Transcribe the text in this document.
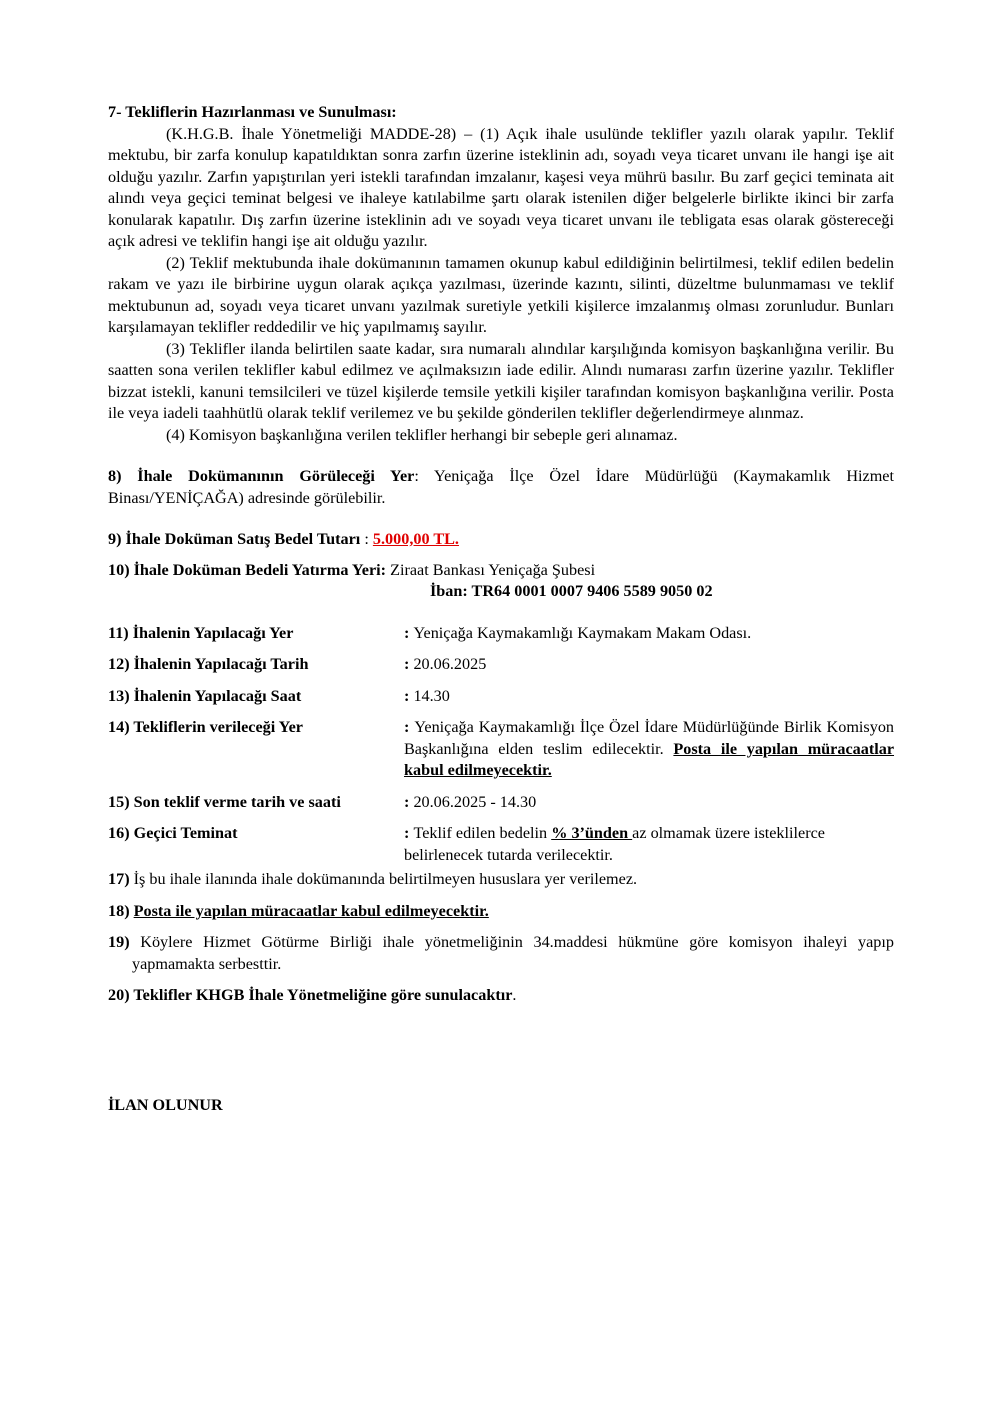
7- Tekliflerin Hazırlanması ve Sunulması:

(K.H.G.B. İhale Yönetmeliği MADDE-28) – (1) Açık ihale usulünde teklifler yazılı olarak yapılır. Teklif mektubu, bir zarfa konulup kapatıldıktan sonra zarfın üzerine isteklinin adı, soyadı veya ticaret unvanı ile hangi işe ait olduğu yazılır. Zarfın yapıştırılan yeri istekli tarafından imzalanır, kaşesi veya mührü basılır. Bu zarf geçici teminata ait alındı veya geçici teminat belgesi ve ihaleye katılabilme şartı olarak istenilen diğer belgelerle birlikte ikinci bir zarfa konularak kapatılır. Dış zarfın üzerine isteklinin adı ve soyadı veya ticaret unvanı ile tebligata esas olarak göstereceği açık adresi ve teklifin hangi işe ait olduğu yazılır.

(2) Teklif mektubunda ihale dokümanının tamamen okunup kabul edildiğinin belirtilmesi, teklif edilen bedelin rakam ve yazı ile birbirine uygun olarak açıkça yazılması, üzerinde kazıntı, silinti, düzeltme bulunmaması ve teklif mektubunun ad, soyadı veya ticaret unvanı yazılmak suretiyle yetkili kişilerce imzalanmış olması zorunludur. Bunları karşılamayan teklifler reddedilir ve hiç yapılmamış sayılır.

(3) Teklifler ilanda belirtilen saate kadar, sıra numaralı alındılar karşılığında komisyon başkanlığına verilir. Bu saatten sona verilen teklifler kabul edilmez ve açılmaksızın iade edilir. Alındı numarası zarfın üzerine yazılır. Teklifler bizzat istekli, kanuni temsilcileri ve tüzel kişilerde temsile yetkili kişiler tarafından komisyon başkanlığına verilir. Posta ile veya iadeli taahhütlü olarak teklif verilemez ve bu şekilde gönderilen teklifler değerlendirmeye alınmaz.

(4) Komisyon başkanlığına verilen teklifler herhangi bir sebeple geri alınamaz.

8) İhale Dokümanının Görüleceği Yer: Yeniçağa İlçe Özel İdare Müdürlüğü (Kaymakamlık Hizmet Binası/YENİÇAĞA) adresinde görülebilir.

9) İhale Doküman Satış Bedel Tutarı : 5.000,00 TL.

10) İhale Doküman Bedeli Yatırma Yeri: Ziraat Bankası Yeniçağa Şubesi

İban: TR64 0001 0007 9406 5589 9050 02

11) İhalenin Yapılacağı Yer	: Yeniçağa Kaymakamlığı Kaymakam Makam Odası.
12) İhalenin Yapılacağı Tarih	: 20.06.2025
13) İhalenin Yapılacağı Saat	: 14.30
14) Tekliflerin verileceği Yer	: Yeniçağa Kaymakamlığı İlçe Özel İdare Müdürlüğünde Birlik Komisyon Başkanlığına elden teslim edilecektir. Posta ile yapılan müracaatlar kabul edilmeyecektir.
15) Son teklif verme tarih ve saati	: 20.06.2025 - 14.30
16) Geçici Teminat	: Teklif edilen bedelin % 3’ünden az olmamak üzere isteklilerce belirlenecek tutarda verilecektir.

17) İş bu ihale ilanında ihale dokümanında belirtilmeyen hususlara yer verilemez.

18) Posta ile yapılan müracaatlar kabul edilmeyecektir.

19) Köylere Hizmet Götürme Birliği ihale yönetmeliğinin 34.maddesi hükmüne göre komisyon ihaleyi yapıp yapmamakta serbesttir.

20) Teklifler KHGB İhale Yönetmeliğine göre sunulacaktır.

İLAN OLUNUR
